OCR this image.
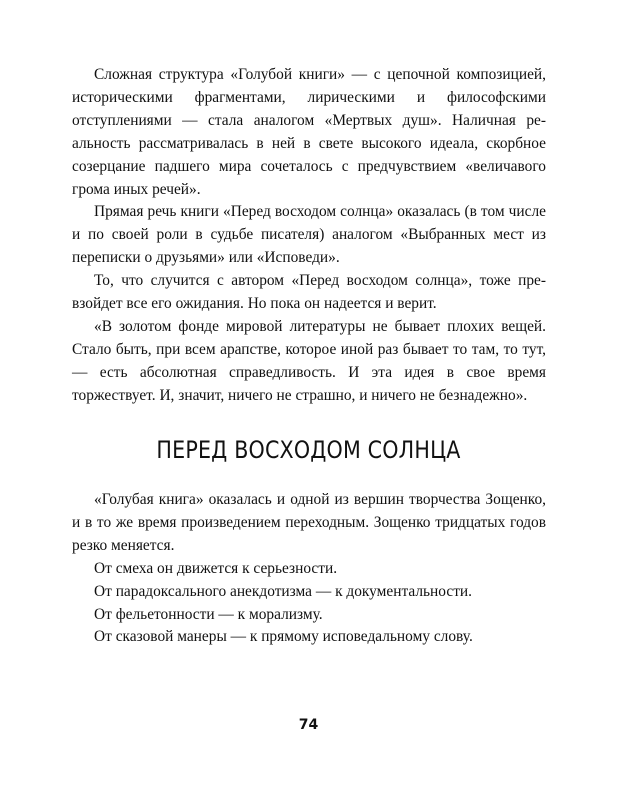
Сложная структура «Голубой книги» — с цепочной композицией, историческими фрагментами, лирическими и философскими отступлениями — стала аналогом «Мертвых душ». Наличная реальность рассматривалась в ней в свете высокого идеала, скорбное созерцание падшего мира сочеталось с предчувствием «величавого грома иных речей».

Прямая речь книги «Перед восходом солнца» оказалась (в том числе и по своей роли в судьбе писателя) аналогом «Выбранных мест из переписки о друзьями» или «Исповеди».

То, что случится с автором «Перед восходом солнца», тоже превзойдет все его ожидания. Но пока он надеется и верит.

«В золотом фонде мировой литературы не бывает плохих вещей. Стало быть, при всем арапстве, которое иной раз бывает то там, то тут, — есть абсолютная справедливость. И эта идея в свое время торжествует. И, значит, ничего не страшно, и ничего не безнадежно».

ПЕРЕД ВОСХОДОМ СОЛНЦА

«Голубая книга» оказалась и одной из вершин творчества Зощенко, и в то же время произведением переходным. Зощенко тридцатых годов резко меняется.

От смеха он движется к серьезности.

От парадоксального анекдотизма — к документальности.

От фельетонности — к морализму.

От сказовой манеры — к прямому исповедальному слову.

74
